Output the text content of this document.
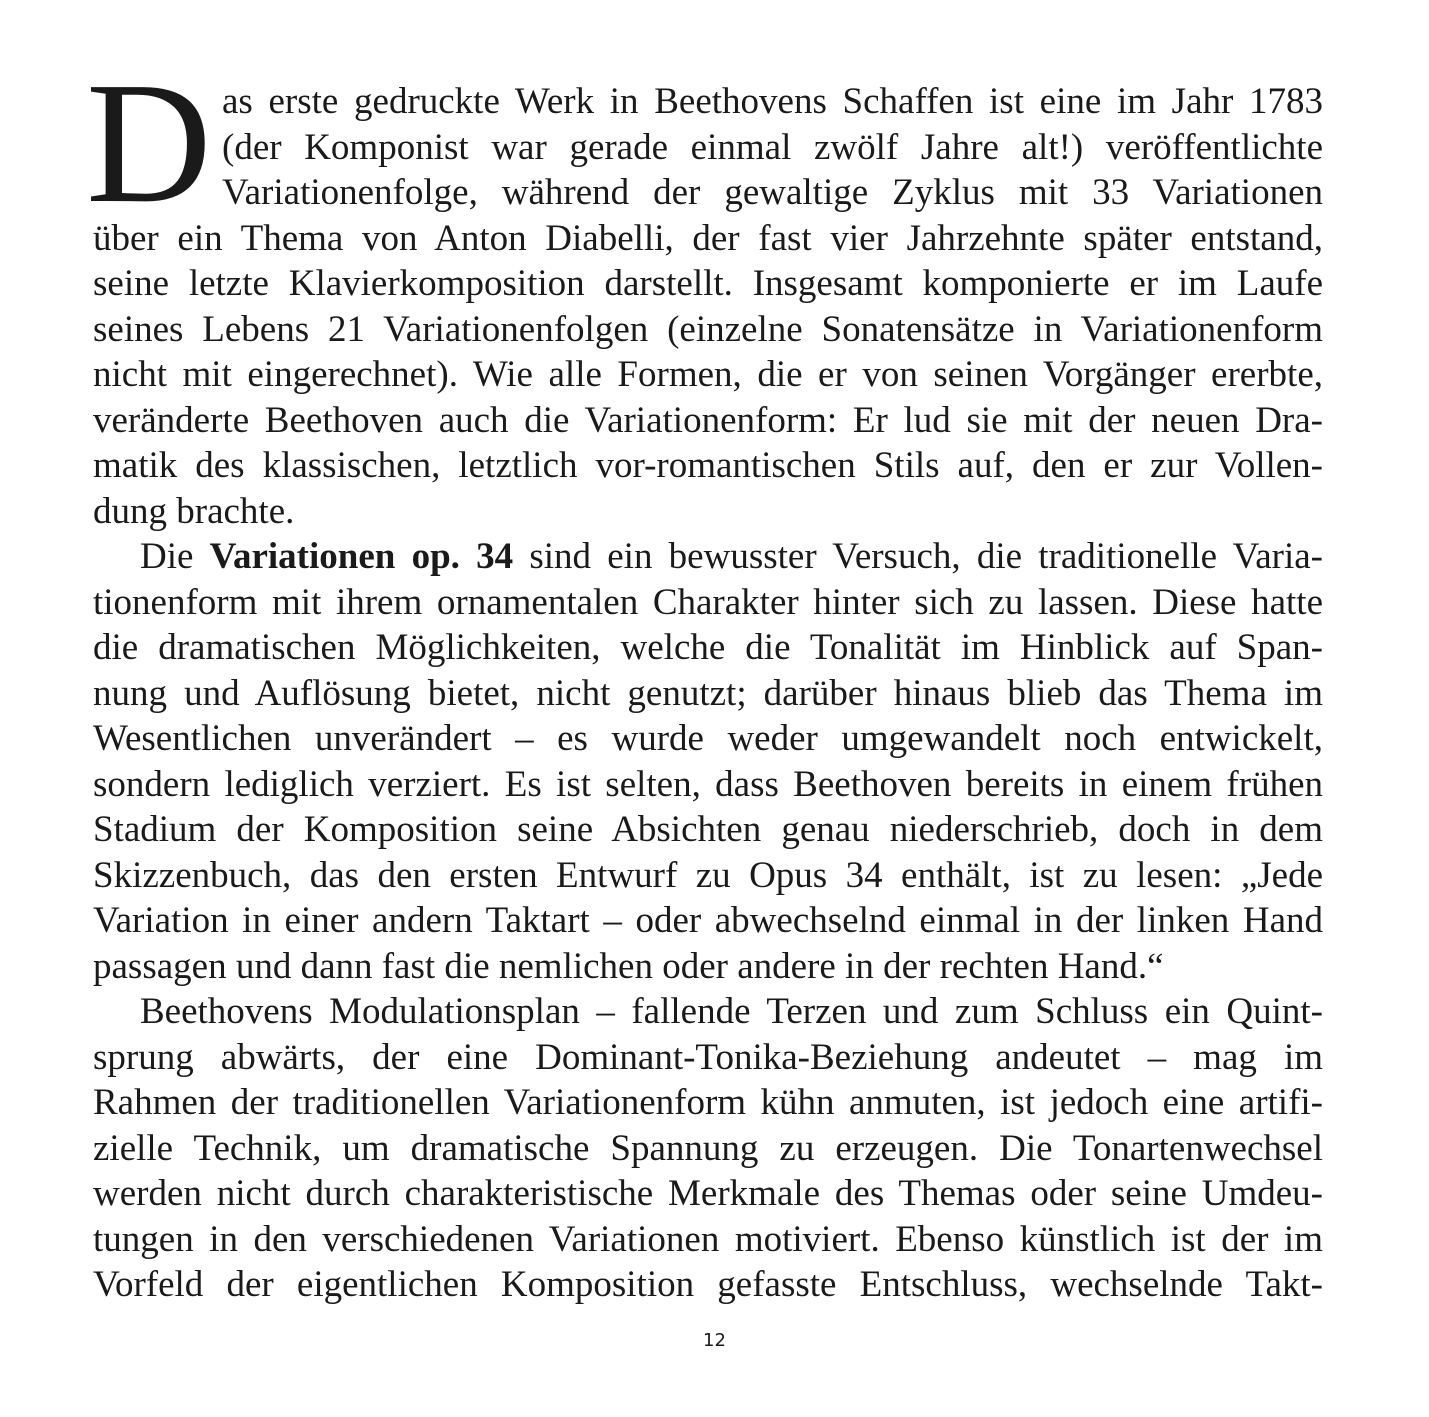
D as erste gedruckte Werk in Beethovens Schaffen ist eine im Jahr 1783
(der Komponist war gerade einmal zwölf Jahre alt!) veröffentlichte
Variationenfolge, während der gewaltige Zyklus mit 33 Variationen
über ein Thema von Anton Diabelli, der fast vier Jahrzehnte später entstand,
seine letzte Klavierkomposition darstellt. Insgesamt komponierte er im Laufe
seines Lebens 21 Variationenfolgen (einzelne Sonatensätze in Variationenform
nicht mit eingerechnet). Wie alle Formen, die er von seinen Vorgänger ererbte,
veränderte Beethoven auch die Variationenform: Er lud sie mit der neuen Dra-
matik des klassischen, letztlich vor-romantischen Stils auf, den er zur Vollen-
dung brachte.
Die Variationen op. 34 sind ein bewusster Versuch, die traditionelle Varia-
tionenform mit ihrem ornamentalen Charakter hinter sich zu lassen. Diese hatte
die dramatischen Möglichkeiten, welche die Tonalität im Hinblick auf Span-
nung und Auflösung bietet, nicht genutzt; darüber hinaus blieb das Thema im
Wesentlichen unverändert – es wurde weder umgewandelt noch entwickelt,
sondern lediglich verziert. Es ist selten, dass Beethoven bereits in einem frühen
Stadium der Komposition seine Absichten genau niederschrieb, doch in dem
Skizzenbuch, das den ersten Entwurf zu Opus 34 enthält, ist zu lesen: „Jede
Variation in einer andern Taktart – oder abwechselnd einmal in der linken Hand
passagen und dann fast die nemlichen oder andere in der rechten Hand.“
Beethovens Modulationsplan – fallende Terzen und zum Schluss ein Quint-
sprung abwärts, der eine Dominant-Tonika-Beziehung andeutet – mag im
Rahmen der traditionellen Variationenform kühn anmuten, ist jedoch eine artifi-
zielle Technik, um dramatische Spannung zu erzeugen. Die Tonartenwechsel
werden nicht durch charakteristische Merkmale des Themas oder seine Umdeu-
tungen in den verschiedenen Variationen motiviert. Ebenso künstlich ist der im
Vorfeld der eigentlichen Komposition gefasste Entschluss, wechselnde Takt-
12
